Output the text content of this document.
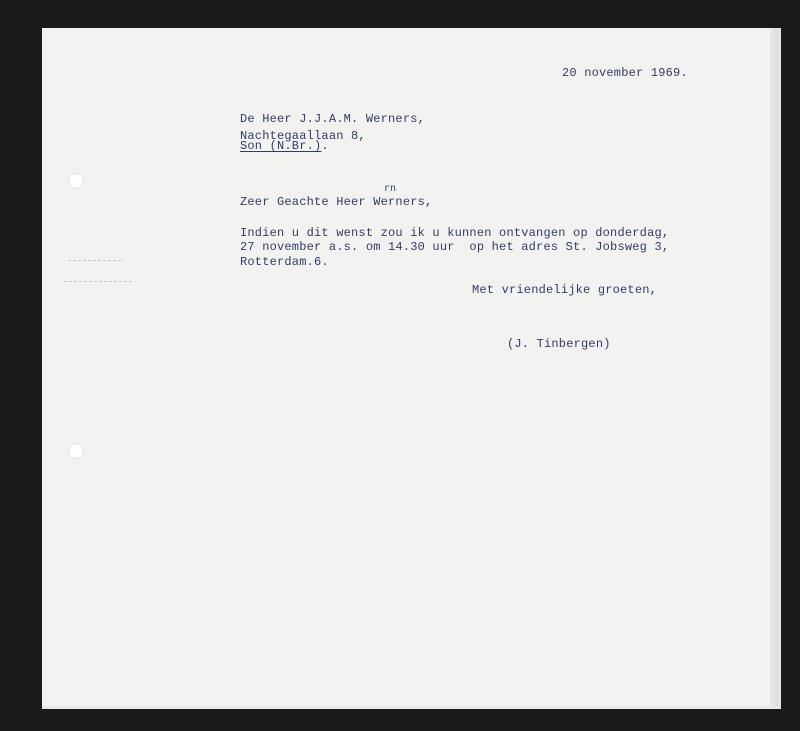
20 november 1969.
De Heer J.J.A.M. Werners,
Nachtegaallaan 8,
Son (N.Br.).
rn
Zeer Geachte Heer Werners,
Indien u dit wenst zou ik u kunnen ontvangen op donderdag,
27 november a.s. om 14.30 uur  op het adres St. Jobsweg 3,
Rotterdam.6.
Met vriendelijke groeten,
(J. Tinbergen)
